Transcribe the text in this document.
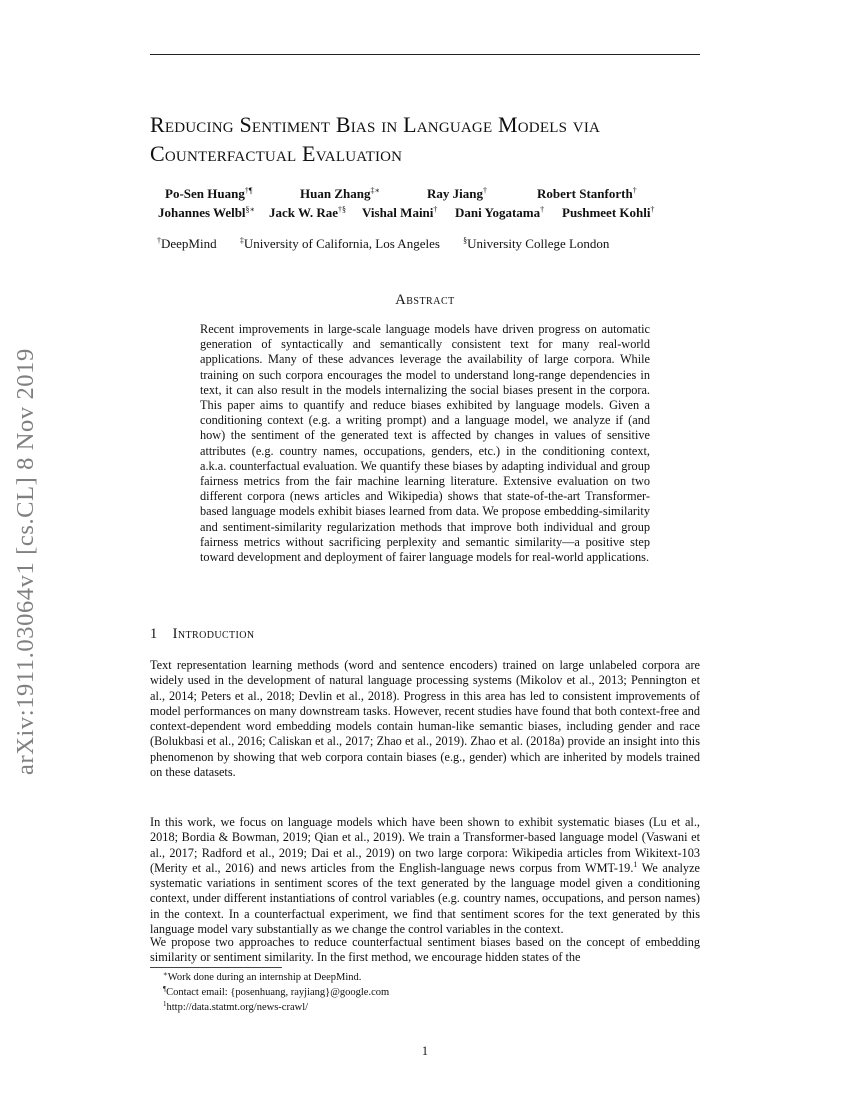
Reducing Sentiment Bias in Language Models via Counterfactual Evaluation
Po-Sen Huang†¶	Huan Zhang‡∗	Ray Jiang†	Robert Stanforth†
Johannes Welbl§∗ Jack W. Rae†§ Vishal Maini† Dani Yogatama† Pushmeet Kohli†
†DeepMind	‡University of California, Los Angeles	§University College London
Abstract
Recent improvements in large-scale language models have driven progress on automatic generation of syntactically and semantically consistent text for many real-world applications. Many of these advances leverage the availability of large corpora. While training on such corpora encourages the model to understand long-range dependencies in text, it can also result in the models internalizing the social biases present in the corpora. This paper aims to quantify and reduce biases exhibited by language models. Given a conditioning context (e.g. a writing prompt) and a language model, we analyze if (and how) the sentiment of the generated text is affected by changes in values of sensitive attributes (e.g. country names, occupations, genders, etc.) in the conditioning context, a.k.a. counterfactual evaluation. We quantify these biases by adapting individual and group fairness metrics from the fair machine learning literature. Extensive evaluation on two different corpora (news articles and Wikipedia) shows that state-of-the-art Transformer-based language models exhibit biases learned from data. We propose embedding-similarity and sentiment-similarity regularization methods that improve both individual and group fairness metrics without sacrificing perplexity and semantic similarity—a positive step toward development and deployment of fairer language models for real-world applications.
1 Introduction
Text representation learning methods (word and sentence encoders) trained on large unlabeled corpora are widely used in the development of natural language processing systems (Mikolov et al., 2013; Pennington et al., 2014; Peters et al., 2018; Devlin et al., 2018). Progress in this area has led to consistent improvements of model performances on many downstream tasks. However, recent studies have found that both context-free and context-dependent word embedding models contain human-like semantic biases, including gender and race (Bolukbasi et al., 2016; Caliskan et al., 2017; Zhao et al., 2019). Zhao et al. (2018a) provide an insight into this phenomenon by showing that web corpora contain biases (e.g., gender) which are inherited by models trained on these datasets.
In this work, we focus on language models which have been shown to exhibit systematic biases (Lu et al., 2018; Bordia & Bowman, 2019; Qian et al., 2019). We train a Transformer-based language model (Vaswani et al., 2017; Radford et al., 2019; Dai et al., 2019) on two large corpora: Wikipedia articles from Wikitext-103 (Merity et al., 2016) and news articles from the English-language news corpus from WMT-19.$^1$ We analyze systematic variations in sentiment scores of the text generated by the language model given a conditioning context, under different instantiations of control variables (e.g. country names, occupations, and person names) in the context. In a counterfactual experiment, we find that sentiment scores for the text generated by this language model vary substantially as we change the control variables in the context.
We propose two approaches to reduce counterfactual sentiment biases based on the concept of embedding similarity or sentiment similarity. In the first method, we encourage hidden states of the
∗Work done during an internship at DeepMind.
¶Contact email: {posenhuang, rayjiang}@google.com
$^1$http://data.statmt.org/news-crawl/
1
arXiv:1911.03064v1 [cs.CL] 8 Nov 2019
